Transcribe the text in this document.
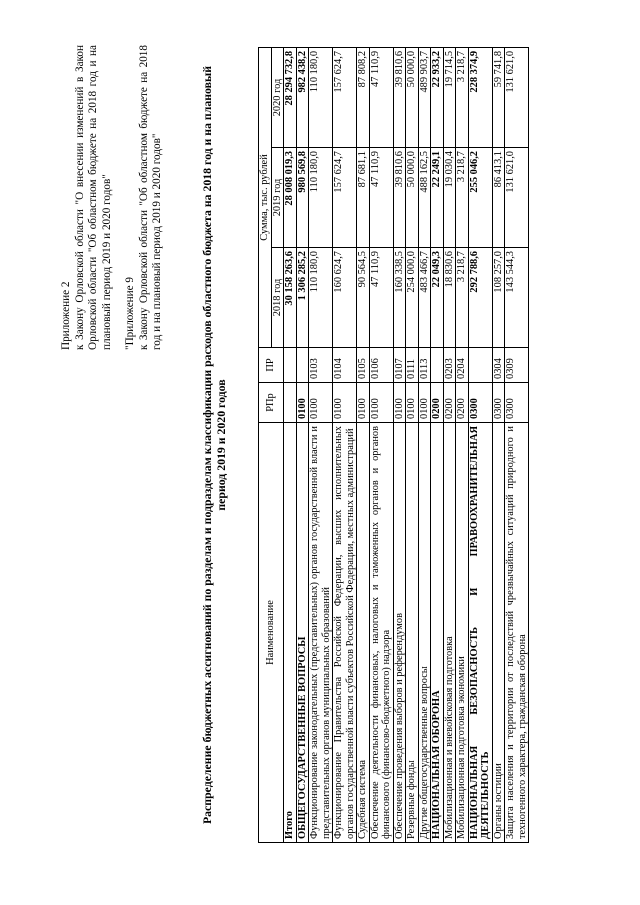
Приложение 2 к Закону Орловской области "О внесении изменений в Закон Орловской области "Об областном бюджете на 2018 год и на плановый период 2019 и 2020 годов" "Приложение 9 к Закону Орловской области "Об областном бюджете на 2018 год и на плановый период 2019 и 2020 годов"	Распределение бюджетных ассигнований по разделам и подразделам классификации расходов областного бюджета на 2018 год и на плановый период 2019 и 2020 годов
Наименование	РПр	ПР	Сумма, тыс. рублей		
			2018 год	2019 год	2020 год
Итого			30 158 263,6	28 008 019,3	28 294 732,8
ОБЩЕГОСУДАРСТВЕННЫЕ ВОПРОСЫ	0100		1 306 285,2	980 569,8	982 438,2
Функционирование законодательных (представительных) органов государственной власти и представительных органов муниципальных образований	0100	0103	110 180,0	110 180,0	110 180,0
Функционирование Правительства Российской Федерации, высших исполнительных органов государственной власти субъектов Российской Федерации, местных администраций	0100	0104	160 624,7	157 624,7	157 624,7
Судебная система	0100	0105	90 564,5	87 681,1	87 808,2
Обеспечение деятельности финансовых, налоговых и таможенных органов и органов финансового (финансово-бюджетного) надзора	0100	0106	47 110,9	47 110,9	47 110,9
Обеспечение проведения выборов и референдумов	0100	0107	160 338,5	39 810,6	39 810,6
Резервные фонды	0100	0111	254 000,0	50 000,0	50 000,0
Другие общегосударственные вопросы	0100	0113	483 466,7	488 162,5	489 903,7
НАЦИОНАЛЬНАЯ ОБОРОНА	0200		22 049,3	22 249,1	22 933,2
Мобилизационная и вневойсковая подготовка	0200	0203	18 830,6	19 030,4	19 714,5
Мобилизационная подготовка экономики	0200	0204	3 218,7	3 218,7	3 218,7
НАЦИОНАЛЬНАЯ БЕЗОПАСНОСТЬ И ПРАВООХРАНИТЕЛЬНАЯ ДЕЯТЕЛЬНОСТЬ	0300		292 788,6	255 046,2	228 374,9
Органы юстиции	0300	0304	108 257,0	86 413,1	59 741,8
Защита населения и территории от последствий чрезвычайных ситуаций природного и техногенного характера, гражданская оборона	0300	0309	143 544,3	131 621,0	131 621,0
